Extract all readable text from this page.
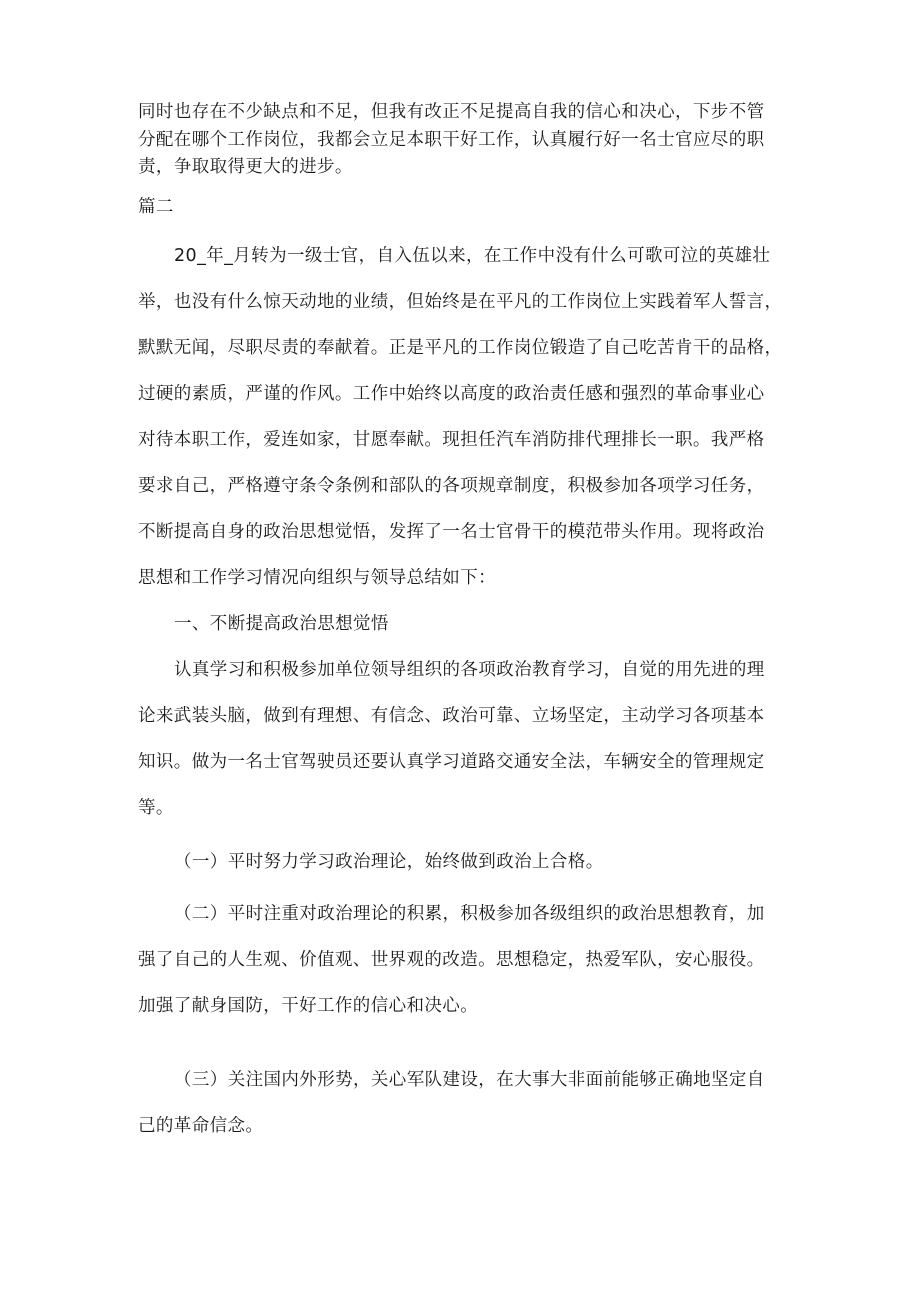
同时也存在不少缺点和不足，但我有改正不足提高自我的信心和决心，下步不管
分配在哪个工作岗位，我都会立足本职干好工作，认真履行好一名士官应尽的职
责，争取取得更大的进步。
篇二
20_年_月转为一级士官，自入伍以来，在工作中没有什么可歌可泣的英雄壮
举，也没有什么惊天动地的业绩，但始终是在平凡的工作岗位上实践着军人誓言，
默默无闻，尽职尽责的奉献着。正是平凡的工作岗位锻造了自己吃苦肯干的品格，
过硬的素质，严谨的作风。工作中始终以高度的政治责任感和强烈的革命事业心
对待本职工作，爱连如家，甘愿奉献。现担任汽车消防排代理排长一职。我严格
要求自己，严格遵守条令条例和部队的各项规章制度，积极参加各项学习任务，
不断提高自身的政治思想觉悟，发挥了一名士官骨干的模范带头作用。现将政治
思想和工作学习情况向组织与领导总结如下：
一、不断提高政治思想觉悟
认真学习和积极参加单位领导组织的各项政治教育学习，自觉的用先进的理
论来武装头脑，做到有理想、有信念、政治可靠、立场坚定，主动学习各项基本
知识。做为一名士官驾驶员还要认真学习道路交通安全法，车辆安全的管理规定
等。
（一）平时努力学习政治理论，始终做到政治上合格。
（二）平时注重对政治理论的积累，积极参加各级组织的政治思想教育，加
强了自己的人生观、价值观、世界观的改造。思想稳定，热爱军队，安心服役。
加强了献身国防，干好工作的信心和决心。
（三）关注国内外形势，关心军队建设，在大事大非面前能够正确地坚定自
己的革命信念。
